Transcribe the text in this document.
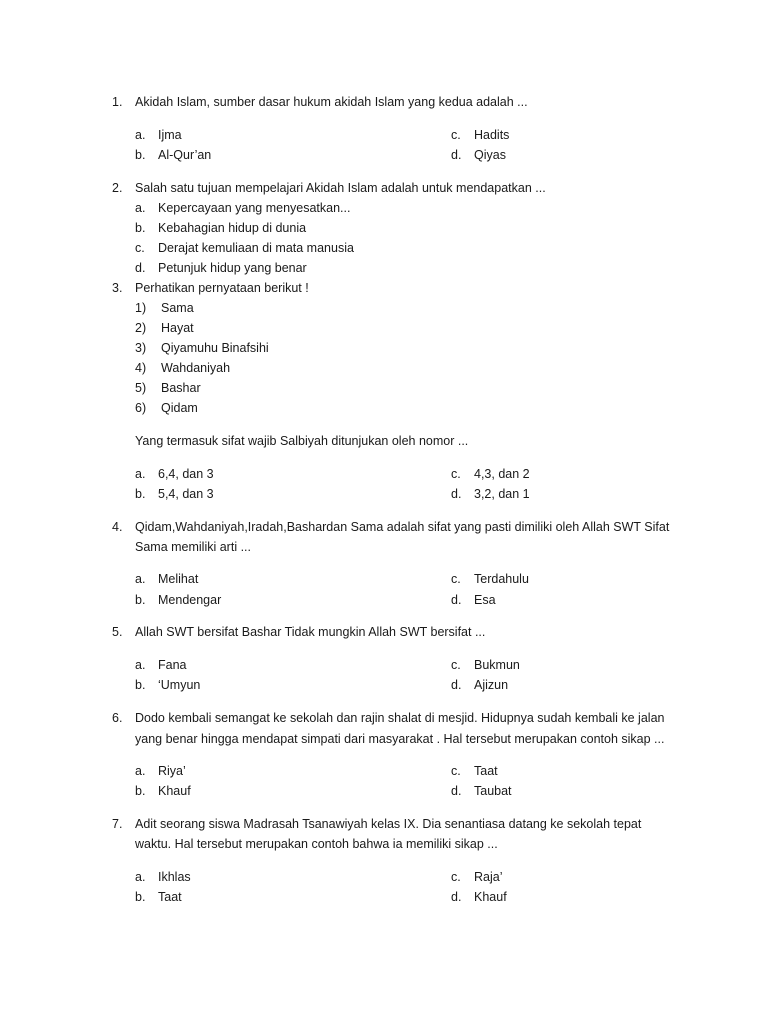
1. Akidah Islam, sumber dasar hukum akidah Islam yang kedua adalah ...
a. Ijma
b. Al-Qur’an
c. Hadits
d. Qiyas
2. Salah satu tujuan mempelajari Akidah Islam adalah untuk mendapatkan ...
a. Kepercayaan yang menyesatkan...
b. Kebahagian hidup di dunia
c. Derajat kemuliaan di mata manusia
d. Petunjuk hidup yang benar
3. Perhatikan pernyataan berikut !
1) Sama
2) Hayat
3) Qiyamuhu Binafsihi
4) Wahdaniyah
5) Bashar
6) Qidam
Yang termasuk sifat wajib Salbiyah ditunjukan oleh nomor ...
a. 6,4, dan 3
b. 5,4, dan 3
c. 4,3, dan 2
d. 3,2, dan 1
4. Qidam,Wahdaniyah,Iradah,Bashardan Sama adalah sifat yang pasti dimiliki oleh Allah SWT Sifat
Sama memiliki arti ...
a. Melihat
b. Mendengar
c. Terdahulu
d. Esa
5. Allah SWT bersifat Bashar Tidak mungkin Allah SWT bersifat ...
a. Fana
b. ‘Umyun
c. Bukmun
d. Ajizun
6. Dodo kembali semangat ke sekolah dan rajin shalat di mesjid. Hidupnya sudah kembali ke jalan
yang benar hingga mendapat simpati dari masyarakat . Hal tersebut merupakan contoh sikap ...
a. Riya’
b. Khauf
c. Taat
d. Taubat
7. Adit seorang siswa Madrasah Tsanawiyah kelas IX. Dia senantiasa datang ke sekolah tepat
waktu. Hal tersebut merupakan contoh bahwa ia memiliki sikap ...
a. Ikhlas
b. Taat
c. Raja’
d. Khauf
